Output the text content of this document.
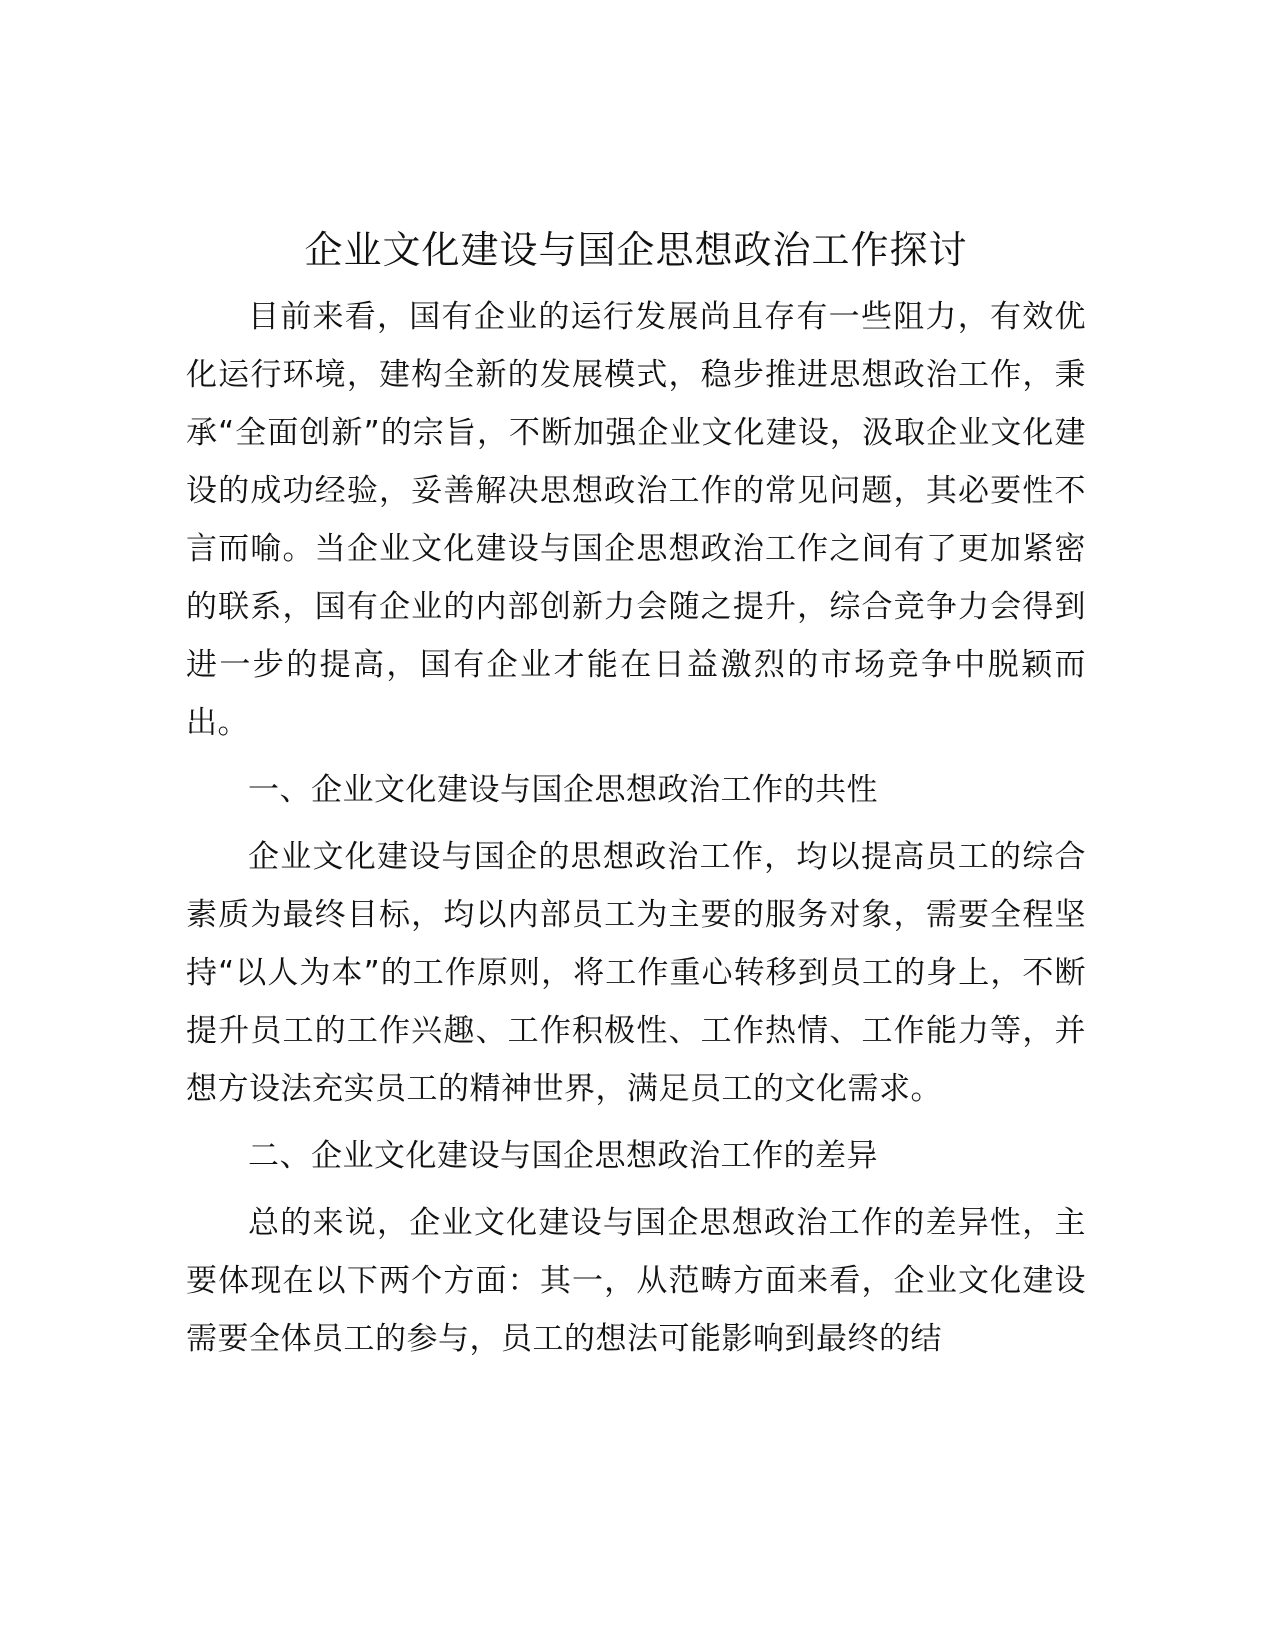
企业文化建设与国企思想政治工作探讨

目前来看，国有企业的运行发展尚且存有一些阻力，有效优化运行环境，建构全新的发展模式，稳步推进思想政治工作，秉承“全面创新”的宗旨，不断加强企业文化建设，汲取企业文化建设的成功经验，妥善解决思想政治工作的常见问题，其必要性不言而喻。当企业文化建设与国企思想政治工作之间有了更加紧密的联系，国有企业的内部创新力会随之提升，综合竞争力会得到进一步的提高，国有企业才能在日益激烈的市场竞争中脱颖而出。

一、企业文化建设与国企思想政治工作的共性

企业文化建设与国企的思想政治工作，均以提高员工的综合素质为最终目标，均以内部员工为主要的服务对象，需要全程坚持“以人为本”的工作原则，将工作重心转移到员工的身上，不断提升员工的工作兴趣、工作积极性、工作热情、工作能力等，并想方设法充实员工的精神世界，满足员工的文化需求。

二、企业文化建设与国企思想政治工作的差异

总的来说，企业文化建设与国企思想政治工作的差异性，主要体现在以下两个方面：其一，从范畴方面来看，企业文化建设需要全体员工的参与，员工的想法可能影响到最终的结
